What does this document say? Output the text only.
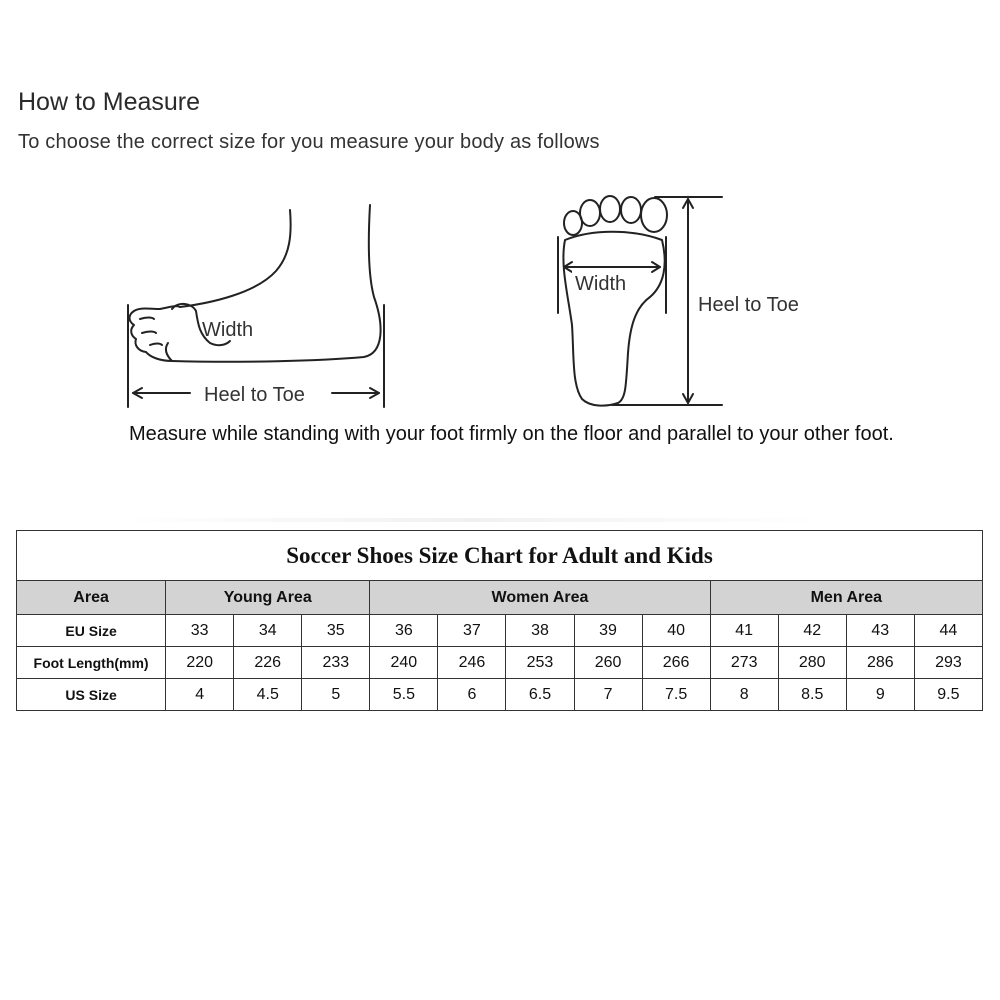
How to Measure
To choose the correct size for you measure your body as follows
Width
Heel to Toe
Width
Heel to Toe
Measure while standing with your foot firmly on the floor and parallel to your other foot.
Soccer Shoes Size Chart for Adult and Kids												
Area	Young Area			Women Area					Men Area			
EU Size	33	34	35	36	37	38	39	40	41	42	43	44
Foot Length(mm)	220	226	233	240	246	253	260	266	273	280	286	293
US Size	4	4.5	5	5.5	6	6.5	7	7.5	8	8.5	9	9.5
